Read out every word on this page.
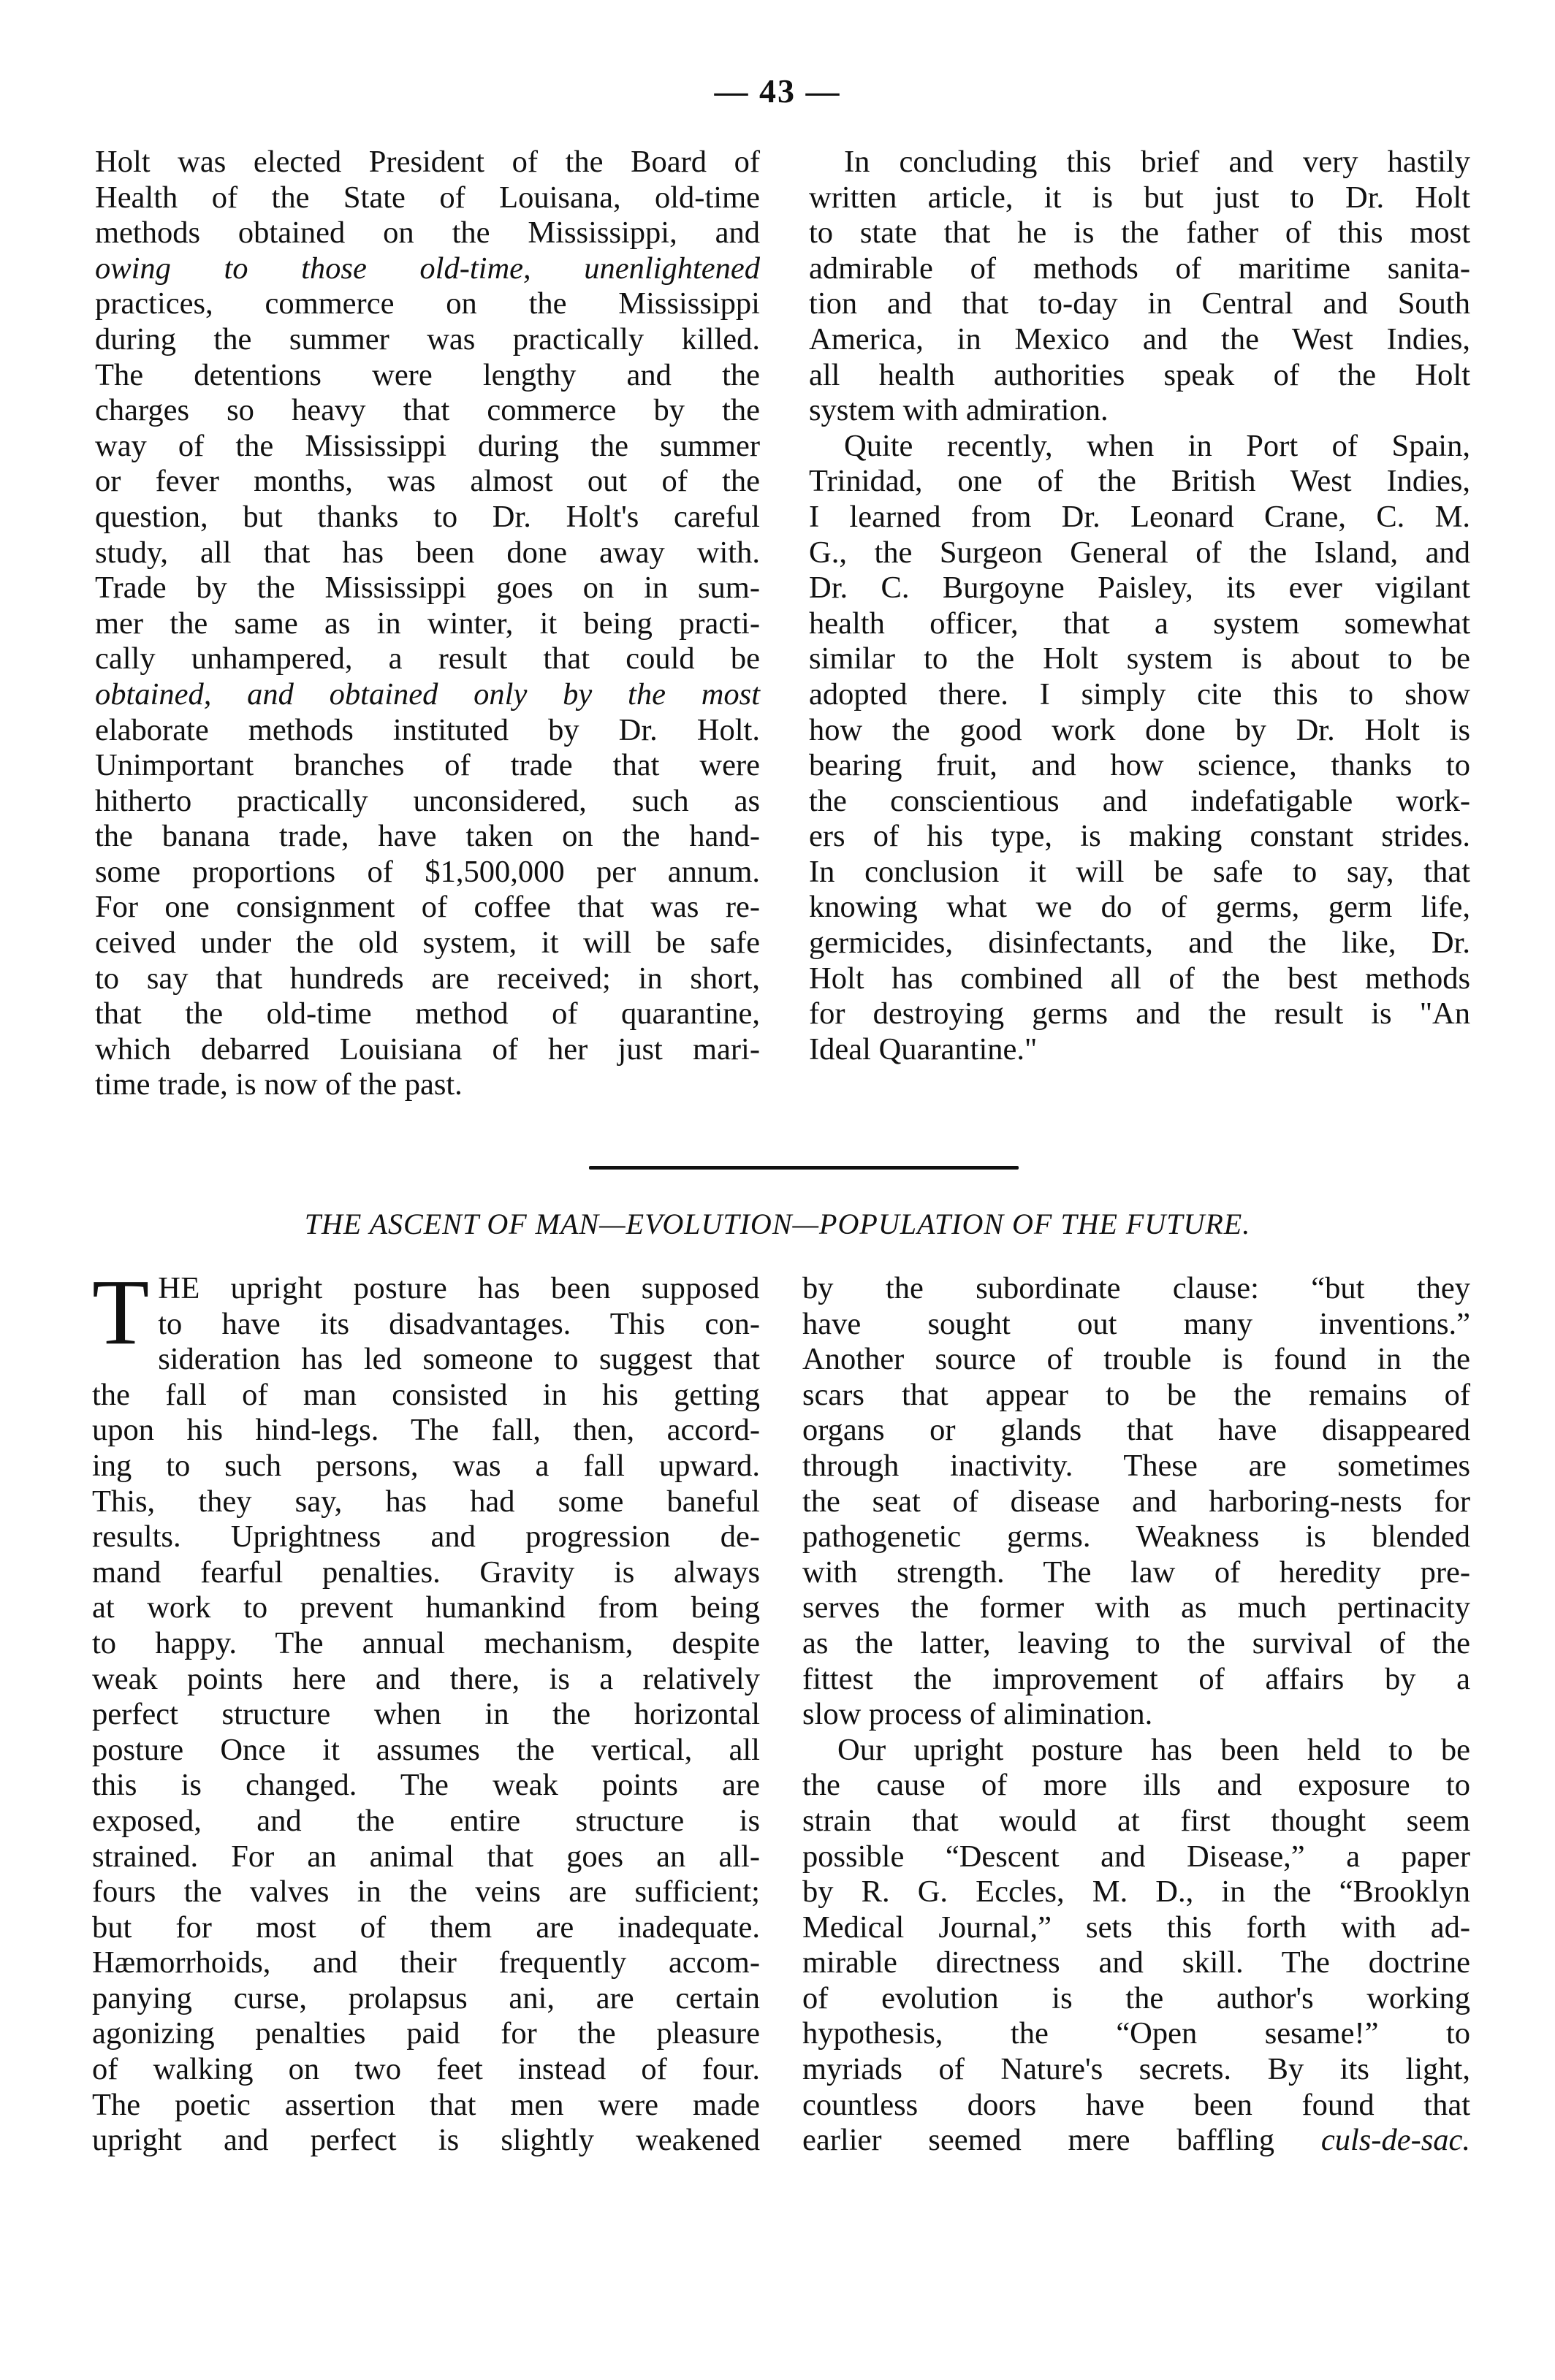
— 43 —
Holt was elected President of the Board of
Health of the State of Louisana, old-time
methods obtained on the Mississippi, and
owing to those old-time, unenlightened
practices, commerce on the Mississippi
during the summer was practically killed.
The detentions were lengthy and the
charges so heavy that commerce by the
way of the Mississippi during the summer
or fever months, was almost out of the
question, but thanks to Dr. Holt's careful
study, all that has been done away with.
Trade by the Mississippi goes on in sum-
mer the same as in winter, it being practi-
cally unhampered, a result that could be
obtained, and obtained only by the most
elaborate methods instituted by Dr. Holt.
Unimportant branches of trade that were
hitherto practically unconsidered, such as
the banana trade, have taken on the hand-
some proportions of $1,500,000 per annum.
For one consignment of coffee that was re-
ceived under the old system, it will be safe
to say that hundreds are received; in short,
that the old-time method of quarantine,
which debarred Louisiana of her just mari-
time trade, is now of the past.
In concluding this brief and very hastily
written article, it is but just to Dr. Holt
to state that he is the father of this most
admirable of methods of maritime sanita-
tion and that to-day in Central and South
America, in Mexico and the West Indies,
all health authorities speak of the Holt
system with admiration.
Quite recently, when in Port of Spain,
Trinidad, one of the British West Indies,
I learned from Dr. Leonard Crane, C. M.
G., the Surgeon General of the Island, and
Dr. C. Burgoyne Paisley, its ever vigilant
health officer, that a system somewhat
similar to the Holt system is about to be
adopted there. I simply cite this to show
how the good work done by Dr. Holt is
bearing fruit, and how science, thanks to
the conscientious and indefatigable work-
ers of his type, is making constant strides.
In conclusion it will be safe to say, that
knowing what we do of germs, germ life,
germicides, disinfectants, and the like, Dr.
Holt has combined all of the best methods
for destroying germs and the result is "An
Ideal Quarantine."
THE ASCENT OF MAN—EVOLUTION—POPULATION OF THE FUTURE.
T HE upright posture has been supposed
to have its disadvantages. This con-
sideration has led someone to suggest that
the fall of man consisted in his getting
upon his hind-legs. The fall, then, accord-
ing to such persons, was a fall upward.
This, they say, has had some baneful
results. Uprightness and progression de-
mand fearful penalties. Gravity is always
at work to prevent humankind from being
to happy. The annual mechanism, despite
weak points here and there, is a relatively
perfect structure when in the horizontal
posture Once it assumes the vertical, all
this is changed. The weak points are
exposed, and the entire structure is
strained. For an animal that goes an all-
fours the valves in the veins are sufficient;
but for most of them are inadequate.
Hæmorrhoids, and their frequently accom-
panying curse, prolapsus ani, are certain
agonizing penalties paid for the pleasure
of walking on two feet instead of four.
The poetic assertion that men were made
upright and perfect is slightly weakened
by the subordinate clause: “but they
have sought out many inventions.”
Another source of trouble is found in the
scars that appear to be the remains of
organs or glands that have disappeared
through inactivity. These are sometimes
the seat of disease and harboring-nests for
pathogenetic germs. Weakness is blended
with strength. The law of heredity pre-
serves the former with as much pertinacity
as the latter, leaving to the survival of the
fittest the improvement of affairs by a
slow process of alimination.
Our upright posture has been held to be
the cause of more ills and exposure to
strain that would at first thought seem
possible “Descent and Disease,” a paper
by R. G. Eccles, M. D., in the “Brooklyn
Medical Journal,” sets this forth with ad-
mirable directness and skill. The doctrine
of evolution is the author's working
hypothesis, the “Open sesame!” to
myriads of Nature's secrets. By its light,
countless doors have been found that
earlier seemed mere baffling culs-de-sac.
